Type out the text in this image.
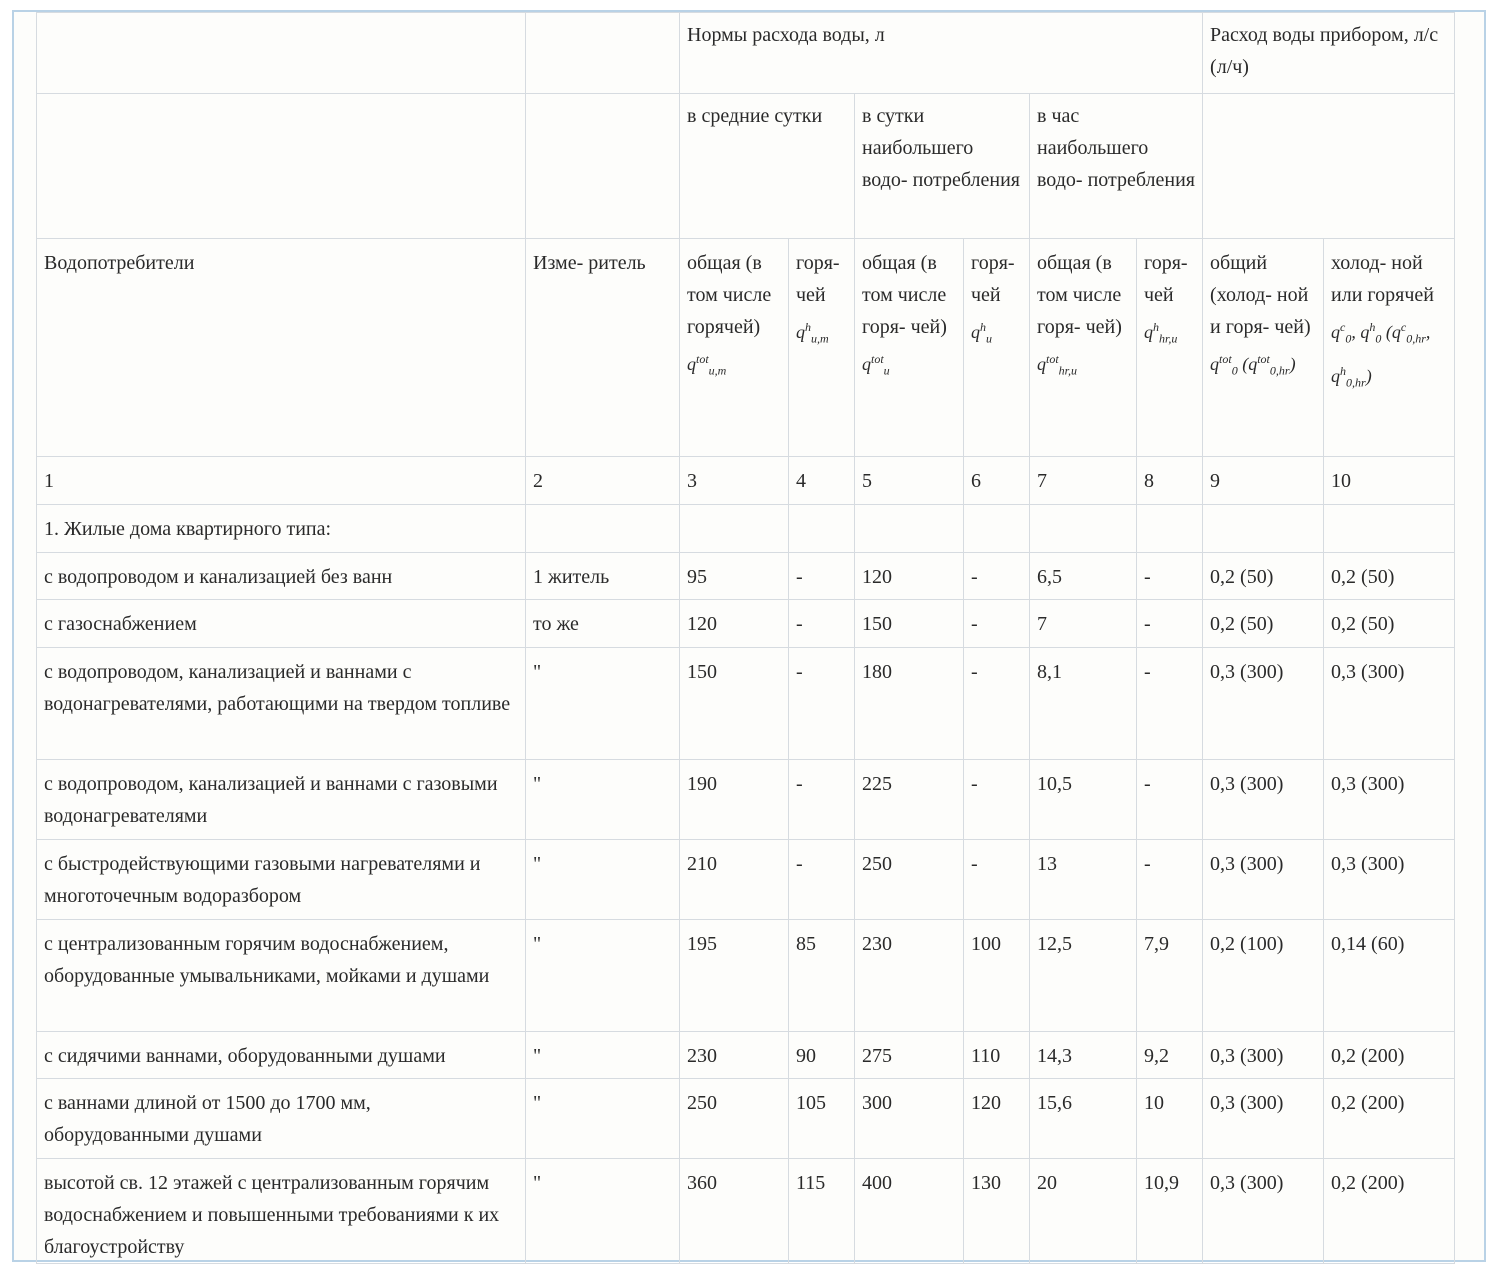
		Нормы расхода воды, л						Расход воды прибором, л/с (л/ч)	
		в средние сутки		в сутки наибольшего водо- потребления		в час наибольшего водо- потребления			
Водопотребители	Изме- ритель	общая (в том числе горячей) $q^{tot}_{u,m}$	горя- чей $q^h_{u,m}$	общая (в том числе горя- чей) $q^{tot}_u$	горя- чей $q^h_u$	общая (в том числе горя- чей) $q^{tot}_{hr,u}$	горя- чей $q^h_{hr,u}$	общий (холод- ной и горя- чей) $q^{tot}_0$ $(q^{tot}_{0,hr})$	холод- ной или горячей $q^c_0$, $q^h_0$ ($q^c_{0,hr}$, $q^h_{0,hr}$)
1	2	3	4	5	6	7	8	9	10
1. Жилые дома квартирного типа:									
с водопроводом и канализацией без ванн	1 житель	95	-	120	-	6,5	-	0,2 (50)	0,2 (50)
с газоснабжением	то же	120	-	150	-	7	-	0,2 (50)	0,2 (50)
с водопроводом, канализацией и ваннами с водонагревателями, работающими на твердом топливе	"	150	-	180	-	8,1	-	0,3 (300)	0,3 (300)
с водопроводом, канализацией и ваннами с газовыми водонагревателями	"	190	-	225	-	10,5	-	0,3 (300)	0,3 (300)
с быстродействующими газовыми нагревателями и многоточечным водоразбором	"	210	-	250	-	13	-	0,3 (300)	0,3 (300)
с централизованным горячим водоснабжением, оборудованные умывальниками, мойками и душами	"	195	85	230	100	12,5	7,9	0,2 (100)	0,14 (60)
с сидячими ваннами, оборудованными душами	"	230	90	275	110	14,3	9,2	0,3 (300)	0,2 (200)
с ваннами длиной от 1500 до 1700 мм, оборудованными душами	"	250	105	300	120	15,6	10	0,3 (300)	0,2 (200)
высотой св. 12 этажей с централизованным горячим водоснабжением и повышенными требованиями к их благоустройству	"	360	115	400	130	20	10,9	0,3 (300)	0,2 (200)
